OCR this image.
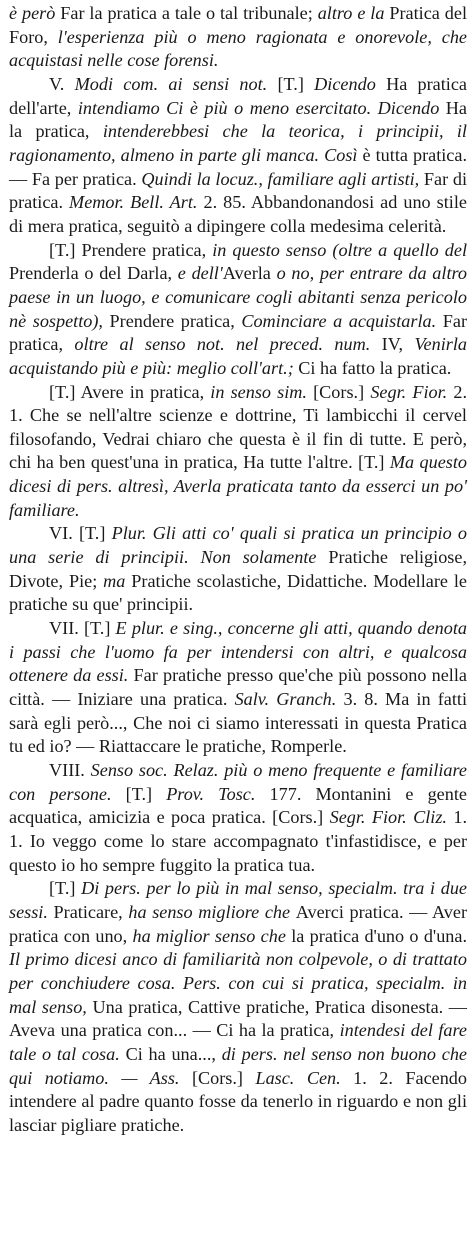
è però Far la pratica a tale o tal tribunale; altro e la Pratica del Foro, l'esperienza più o meno ragionata e onorevole, che acquistasi nelle cose forensi.

V. Modi com. ai sensi not. [T.] Dicendo Ha pratica dell'arte, intendiamo Ci è più o meno esercitato. Dicendo Ha la pratica, intenderebbesi che la teorica, i principii, il ragionamento, almeno in parte gli manca. Così è tutta pratica. — Fa per pratica. Quindi la locuz., familiare agli artisti, Far di pratica. Memor. Bell. Art. 2. 85. Abbandonandosi ad uno stile di mera pratica, seguitò a dipingere colla medesima celerità.

[T.] Prendere pratica, in questo senso (oltre a quello del Prenderla o del Darla, e dell'Averla o no, per entrare da altro paese in un luogo, e comunicare cogli abitanti senza pericolo nè sospetto), Prendere pratica, Cominciare a acquistarla. Far pratica, oltre al senso not. nel preced. num. IV, Venirla acquistando più e più: meglio coll'art.; Ci ha fatto la pratica.

[T.] Avere in pratica, in senso sim. [Cors.] Segr. Fior. 2. 1. Che se nell'altre scienze e dottrine, Ti lambicchi il cervel filosofando, Vedrai chiaro che questa è il fin di tutte. E però, chi ha ben quest'una in pratica, Ha tutte l'altre. [T.] Ma questo dicesi di pers. altresì, Averla praticata tanto da esserci un po' familiare.

VI. [T.] Plur. Gli atti co' quali si pratica un principio o una serie di principii. Non solamente Pratiche religiose, Divote, Pie; ma Pratiche scolastiche, Didattiche. Modellare le pratiche su que' principii.

VII. [T.] E plur. e sing., concerne gli atti, quando denota i passi che l'uomo fa per intendersi con altri, e qualcosa ottenere da essi. Far pratiche presso que'che più possono nella città. — Iniziare una pratica. Salv. Granch. 3. 8. Ma in fatti sarà egli però..., Che noi ci siamo interessati in questa Pratica tu ed io? — Riattaccare le pratiche, Romperle.

VIII. Senso soc. Relaz. più o meno frequente e familiare con persone. [T.] Prov. Tosc. 177. Montanini e gente acquatica, amicizia e poca pratica. [Cors.] Segr. Fior. Cliz. 1. 1. Io veggo come lo stare accompagnato t'infastidisce, e per questo io ho sempre fuggito la pratica tua.

[T.] Di pers. per lo più in mal senso, specialm. tra i due sessi. Praticare, ha senso migliore che Averci pratica. — Aver pratica con uno, ha miglior senso che la pratica d'uno o d'una. Il primo dicesi anco di familiarità non colpevole, o di trattato per conchiudere cosa. Pers. con cui si pratica, specialm. in mal senso, Una pratica, Cattive pratiche, Pratica disonesta. — Aveva una pratica con... — Ci ha la pratica, intendesi del fare tale o tal cosa. Ci ha una..., di pers. nel senso non buono che qui notiamo. — Ass. [Cors.] Lasc. Cen. 1. 2. Facendo intendere al padre quanto fosse da tenerlo in riguardo e non gli lasciar pigliare pratiche.
